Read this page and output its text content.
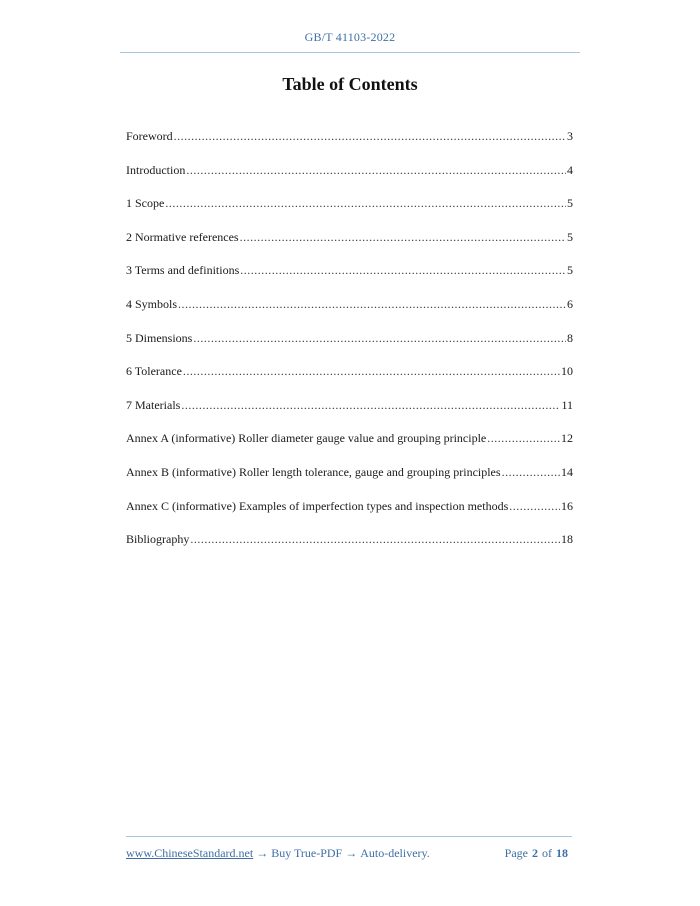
GB/T 41103-2022
Table of Contents
Foreword .....	3
Introduction .....	4
1 Scope .....	5
2 Normative references .....	5
3 Terms and definitions .....	5
4 Symbols .....	6
5 Dimensions .....	8
6 Tolerance .....	10
7 Materials .....	11
Annex A (informative) Roller diameter gauge value and grouping principle .....	12
Annex B (informative) Roller length tolerance, gauge and grouping principles .....	14
Annex C (informative) Examples of imperfection types and inspection methods .....	16
Bibliography .....	18
www.ChineseStandard.net → Buy True-PDF → Auto-delivery.	Page 2 of 18
